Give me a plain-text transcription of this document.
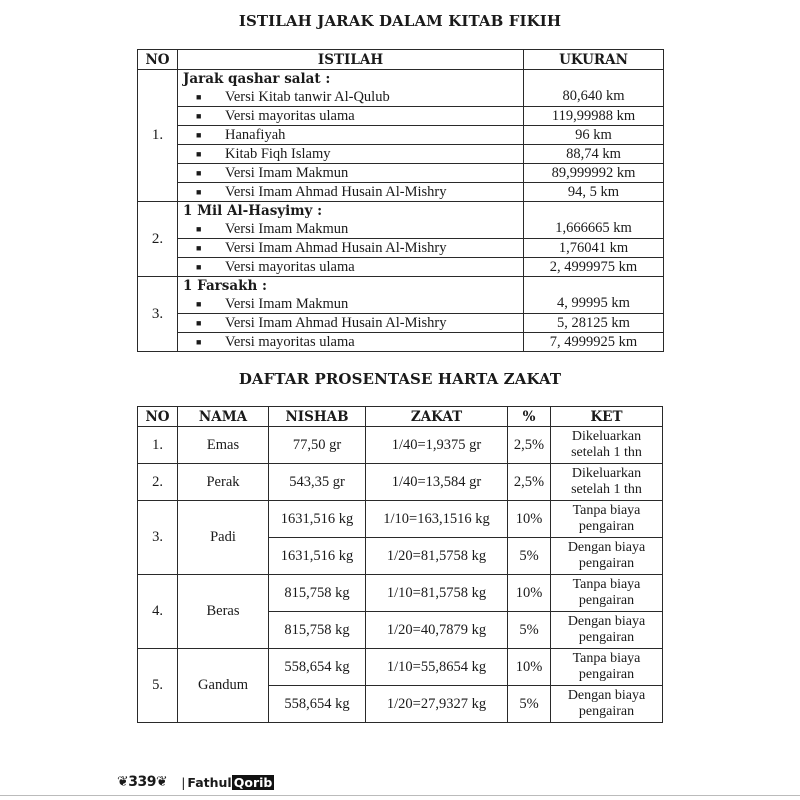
ISTILAH JARAK DALAM KITAB FIKIH
NO	ISTILAH	UKURAN
1.	Jarak qashar salat :
■ Versi Kitab tanwir Al-Qulub	80,640 km

	■ Versi mayoritas ulama	119,99988 km

	■ Hanafiyah	96 km

	■ Kitab Fiqh Islamy	88,74 km

	■ Versi Imam Makmun	89,999992 km

	■ Versi Imam Ahmad Husain Al-Mishry	94, 5 km
2.	1 Mil Al-Hasyimy :
■ Versi Imam Makmun	1,666665 km

	■ Versi Imam Ahmad Husain Al-Mishry	1,76041 km

	■ Versi mayoritas ulama	2, 4999975 km
3.	1 Farsakh :
■ Versi Imam Makmun	4, 99995 km

	■ Versi Imam Ahmad Husain Al-Mishry	5, 28125 km

	■ Versi mayoritas ulama	7, 4999925 km
DAFTAR PROSENTASE HARTA ZAKAT
NO	NAMA	NISHAB	ZAKAT	%	KET
1.	Emas	77,50 gr	1/40=1,9375 gr	2,5%	Dikeluarkan
setelah 1 thn

2.	Perak	543,35 gr	1/40=13,584 gr	2,5%	Dikeluarkan
setelah 1 thn

3.	Padi	1631,516 kg	1/10=163,1516 kg	10%	Tanpa biaya
pengairan

		1631,516 kg	1/20=81,5758 kg	5%	Dengan biaya
pengairan

4.	Beras	815,758 kg	1/10=81,5758 kg	10%	Tanpa biaya
pengairan

		815,758 kg	1/20=40,7879 kg	5%	Dengan biaya
pengairan

5.	Gandum	558,654 kg	1/10=55,8654 kg	10%	Tanpa biaya
pengairan

		558,654 kg	1/20=27,9327 kg	5%	Dengan biaya
pengairan
❦339❦ | Fathul Qorib
